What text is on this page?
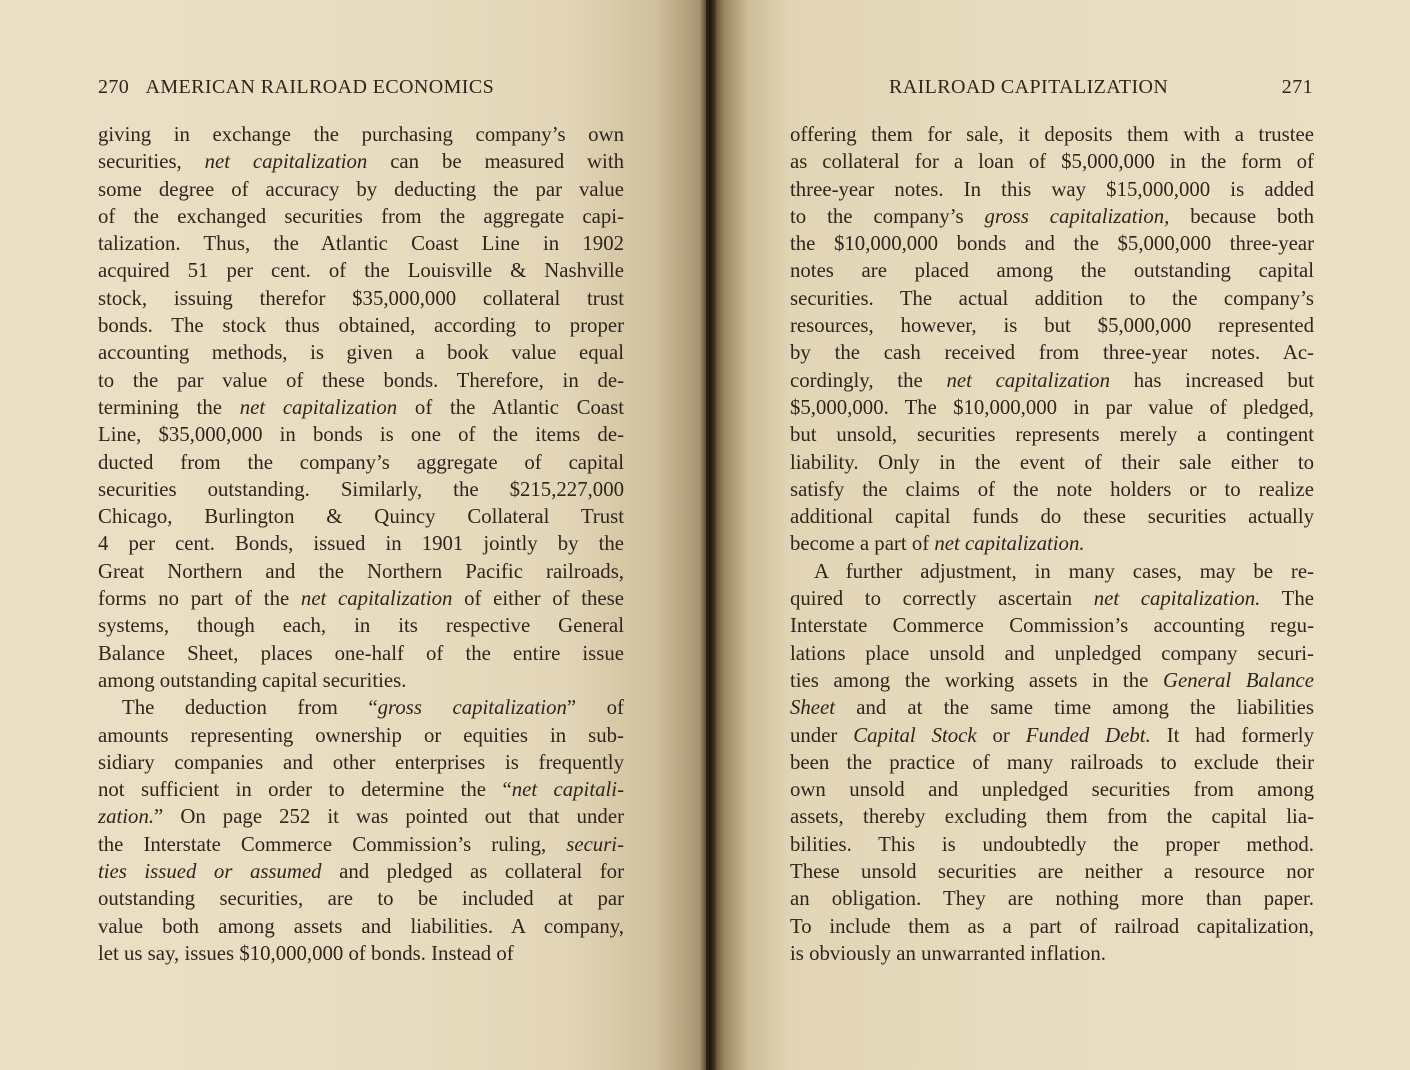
270 AMERICAN RAILROAD ECONOMICS
giving in exchange the purchasing company’s own
securities, net capitalization can be measured with
some degree of accuracy by deducting the par value
of the exchanged securities from the aggregate capi-
talization. Thus, the Atlantic Coast Line in 1902
acquired 51 per cent. of the Louisville & Nashville
stock, issuing therefor $35,000,000 collateral trust
bonds. The stock thus obtained, according to proper
accounting methods, is given a book value equal
to the par value of these bonds. Therefore, in de-
termining the net capitalization of the Atlantic Coast
Line, $35,000,000 in bonds is one of the items de-
ducted from the company’s aggregate of capital
securities outstanding. Similarly, the $215,227,000
Chicago, Burlington & Quincy Collateral Trust
4 per cent. Bonds, issued in 1901 jointly by the
Great Northern and the Northern Pacific railroads,
forms no part of the net capitalization of either of these
systems, though each, in its respective General
Balance Sheet, places one-half of the entire issue
among outstanding capital securities.
The deduction from “gross capitalization” of
amounts representing ownership or equities in sub-
sidiary companies and other enterprises is frequently
not sufficient in order to determine the “net capitali-
zation.” On page 252 it was pointed out that under
the Interstate Commerce Commission’s ruling, securi-
ties issued or assumed and pledged as collateral for
outstanding securities, are to be included at par
value both among assets and liabilities. A company,
let us say, issues $10,000,000 of bonds. Instead of
RAILROAD CAPITALIZATION	271
offering them for sale, it deposits them with a trustee
as collateral for a loan of $5,000,000 in the form of
three-year notes. In this way $15,000,000 is added
to the company’s gross capitalization, because both
the $10,000,000 bonds and the $5,000,000 three-year
notes are placed among the outstanding capital
securities. The actual addition to the company’s
resources, however, is but $5,000,000 represented
by the cash received from three-year notes. Ac-
cordingly, the net capitalization has increased but
$5,000,000. The $10,000,000 in par value of pledged,
but unsold, securities represents merely a contingent
liability. Only in the event of their sale either to
satisfy the claims of the note holders or to realize
additional capital funds do these securities actually
become a part of net capitalization.
A further adjustment, in many cases, may be re-
quired to correctly ascertain net capitalization. The
Interstate Commerce Commission’s accounting regu-
lations place unsold and unpledged company securi-
ties among the working assets in the General Balance
Sheet and at the same time among the liabilities
under Capital Stock or Funded Debt. It had formerly
been the practice of many railroads to exclude their
own unsold and unpledged securities from among
assets, thereby excluding them from the capital lia-
bilities. This is undoubtedly the proper method.
These unsold securities are neither a resource nor
an obligation. They are nothing more than paper.
To include them as a part of railroad capitalization,
is obviously an unwarranted inflation.
